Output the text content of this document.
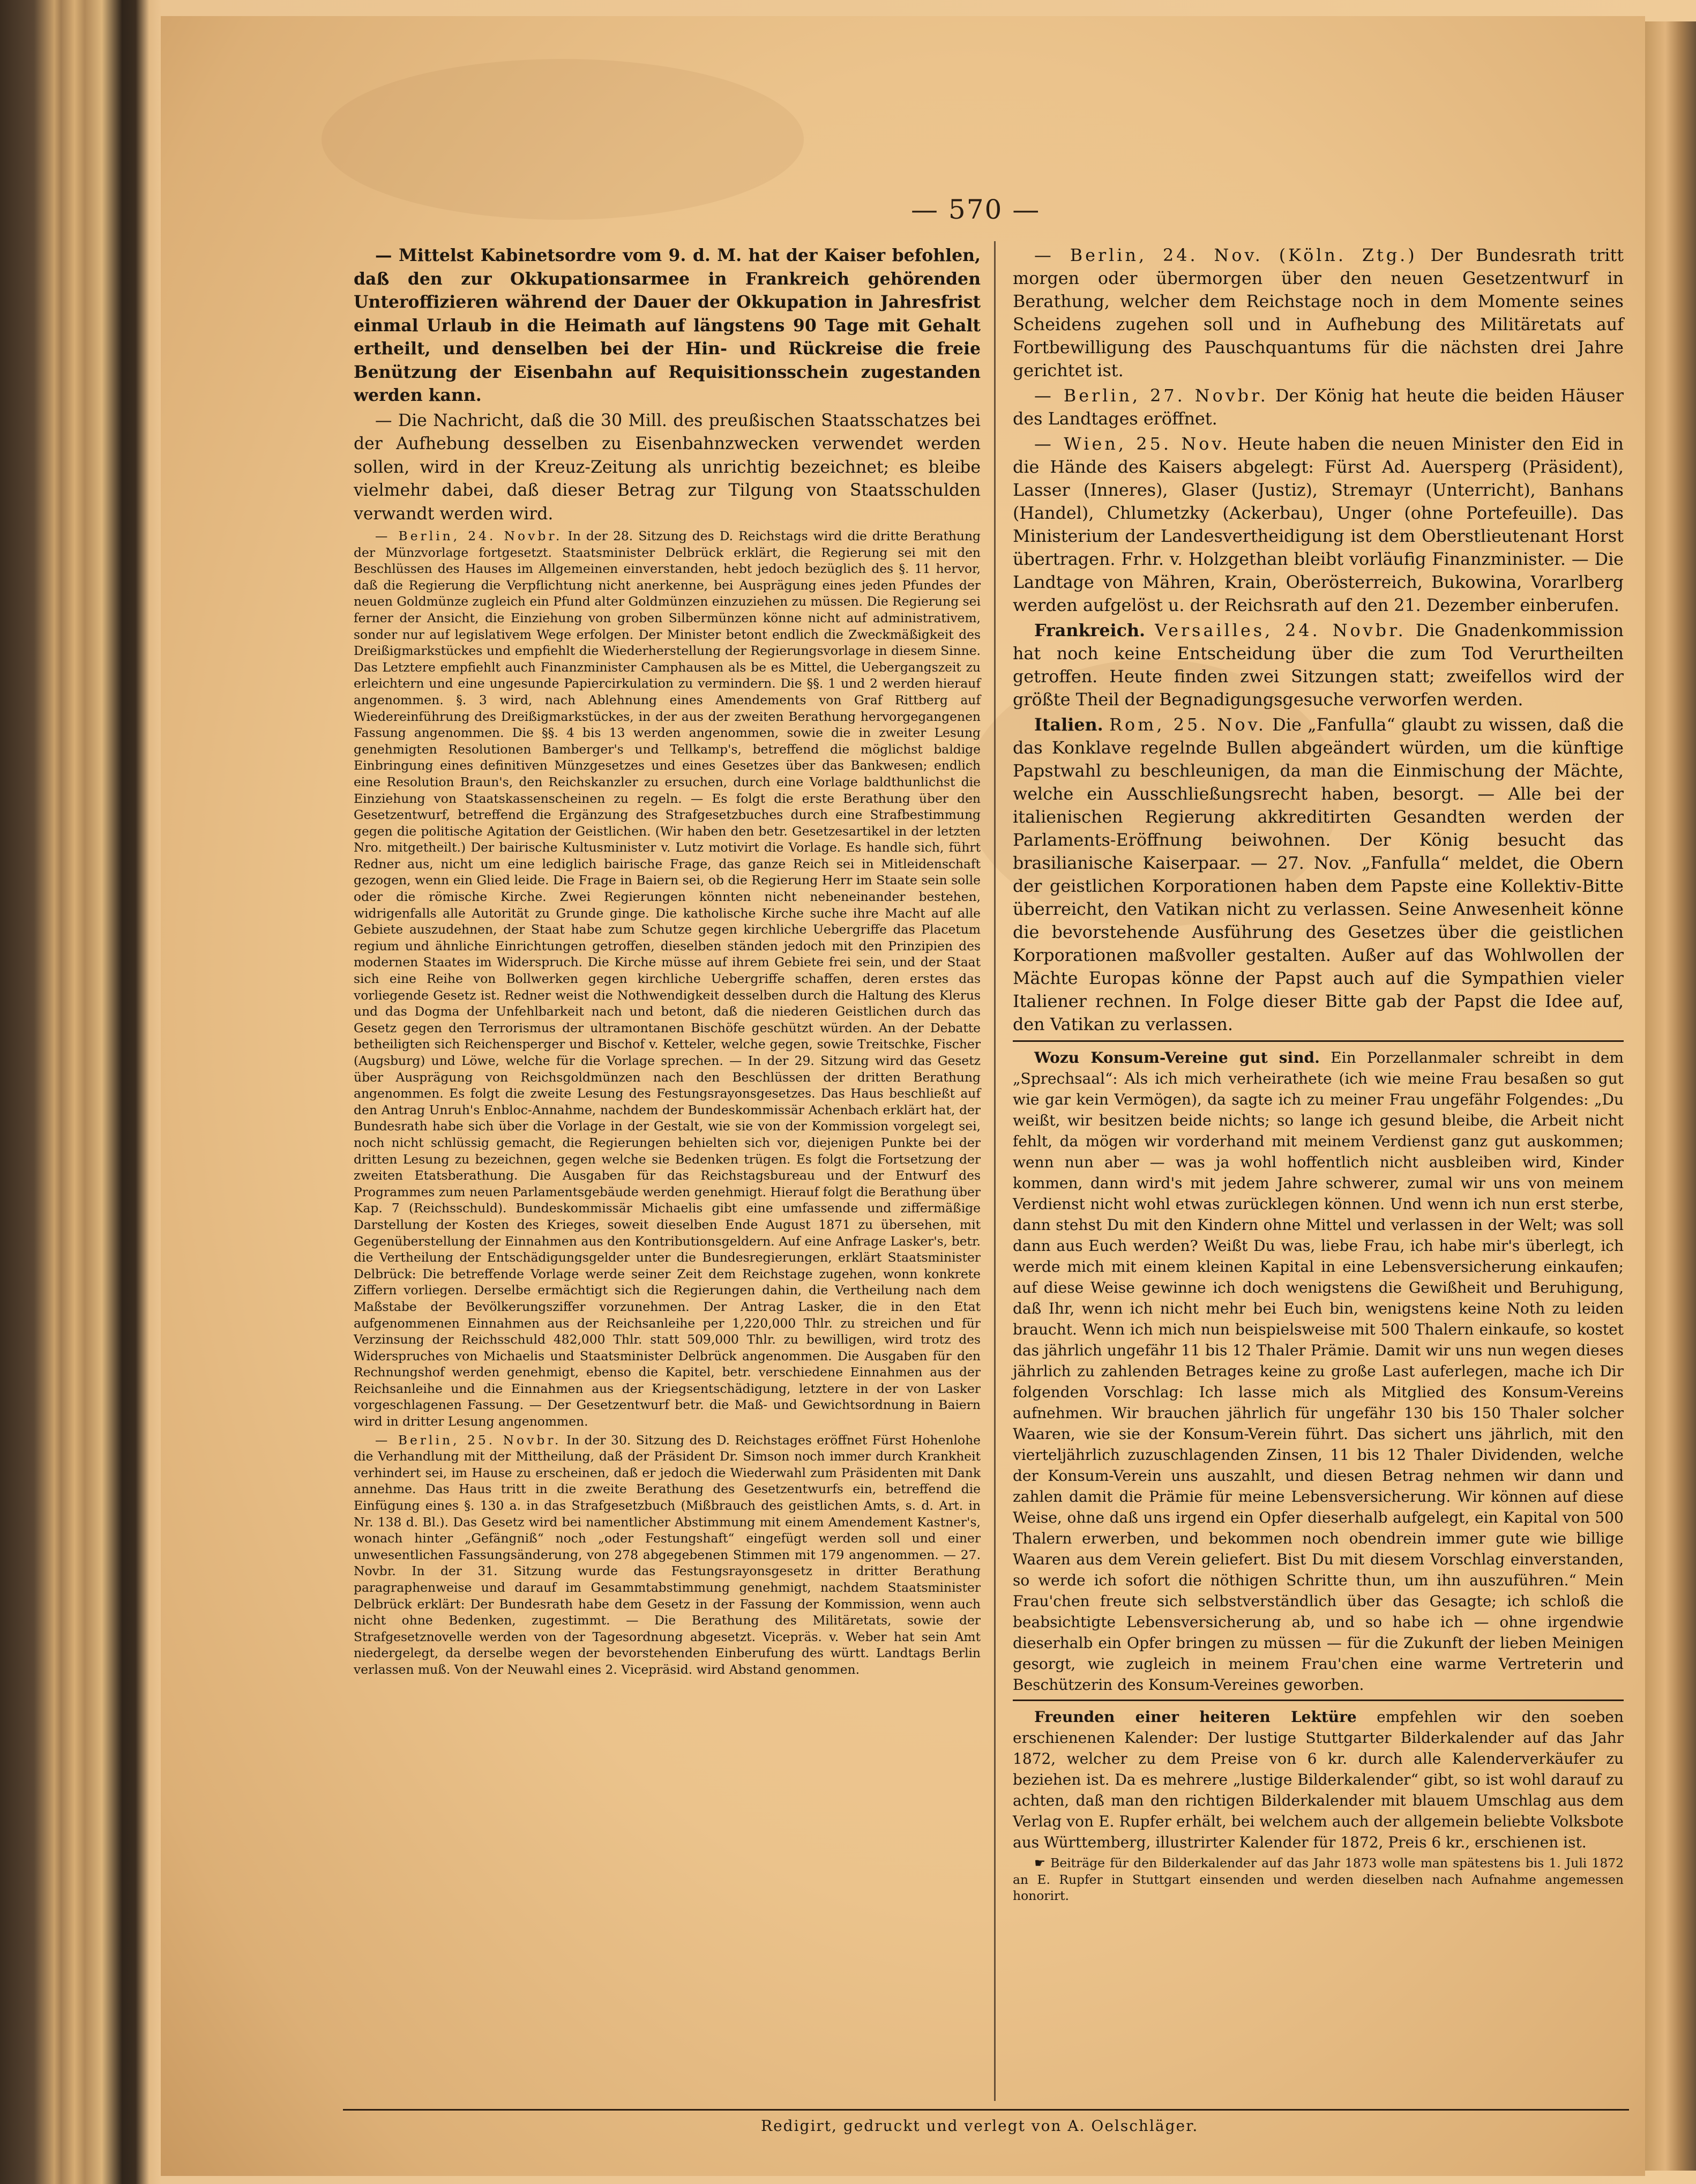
— 570 —

— Mittelst Kabinetsordre vom 9. d. M. hat der Kaiser befohlen, daß den zur Okkupationsarmee in Frankreich gehörenden Unteroffizieren während der Dauer der Okkupation in Jahresfrist einmal Urlaub in die Heimath auf längstens 90 Tage mit Gehalt ertheilt, und denselben bei der Hin- und Rückreise die freie Benützung der Eisenbahn auf Requisitionsschein zugestanden werden kann.

— Die Nachricht, daß die 30 Mill. des preußischen Staatsschatzes bei der Aufhebung desselben zu Eisenbahnzwecken verwendet werden sollen, wird in der Kreuz-Zeitung als unrichtig bezeichnet; es bleibe vielmehr dabei, daß dieser Betrag zur Tilgung von Staatsschulden verwandt werden wird.

— Berlin, 24. Novbr. In der 28. Sitzung des D. Reichstags wird die dritte Berathung der Münzvorlage fortgesetzt. Staatsminister Delbrück erklärt, die Regierung sei mit den Beschlüssen des Hauses im Allgemeinen einverstanden, hebt jedoch bezüglich des §. 11 hervor, daß die Regierung die Verpflichtung nicht anerkenne, bei Ausprägung eines jeden Pfundes der neuen Goldmünze zugleich ein Pfund alter Goldmünzen einzuziehen zu müssen. Die Regierung sei ferner der Ansicht, die Einziehung von groben Silbermünzen könne nicht auf administrativem, sonder nur auf legislativem Wege erfolgen. Der Minister betont endlich die Zweckmäßigkeit des Dreißigmarkstückes und empfiehlt die Wiederherstellung der Regierungsvorlage in diesem Sinne. Das Letztere empfiehlt auch Finanzminister Camphausen als be es Mittel, die Uebergangszeit zu erleichtern und eine ungesunde Papiercirkulation zu vermindern. Die §§. 1 und 2 werden hierauf angenommen. §. 3 wird, nach Ablehnung eines Amendements von Graf Rittberg auf Wiedereinführung des Dreißigmarkstückes, in der aus der zweiten Berathung hervorgegangenen Fassung angenommen. Die §§. 4 bis 13 werden angenommen, sowie die in zweiter Lesung genehmigten Resolutionen Bamberger's und Tellkamp's, betreffend die möglichst baldige Einbringung eines definitiven Münzgesetzes und eines Gesetzes über das Bankwesen; endlich eine Resolution Braun's, den Reichskanzler zu ersuchen, durch eine Vorlage baldthunlichst die Einziehung von Staatskassenscheinen zu regeln. — Es folgt die erste Berathung über den Gesetzentwurf, betreffend die Ergänzung des Strafgesetzbuches durch eine Strafbestimmung gegen die politische Agitation der Geistlichen. (Wir haben den betr. Gesetzesartikel in der letzten Nro. mitgetheilt.) Der bairische Kultusminister v. Lutz motivirt die Vorlage. Es handle sich, führt Redner aus, nicht um eine lediglich bairische Frage, das ganze Reich sei in Mitleidenschaft gezogen, wenn ein Glied leide. Die Frage in Baiern sei, ob die Regierung Herr im Staate sein solle oder die römische Kirche. Zwei Regierungen könnten nicht nebeneinander bestehen, widrigenfalls alle Autorität zu Grunde ginge. Die katholische Kirche suche ihre Macht auf alle Gebiete auszudehnen, der Staat habe zum Schutze gegen kirchliche Uebergriffe das Placetum regium und ähnliche Einrichtungen getroffen, dieselben ständen jedoch mit den Prinzipien des modernen Staates im Widerspruch. Die Kirche müsse auf ihrem Gebiete frei sein, und der Staat sich eine Reihe von Bollwerken gegen kirchliche Uebergriffe schaffen, deren erstes das vorliegende Gesetz ist. Redner weist die Nothwendigkeit desselben durch die Haltung des Klerus und das Dogma der Unfehlbarkeit nach und betont, daß die niederen Geistlichen durch das Gesetz gegen den Terrorismus der ultramontanen Bischöfe geschützt würden. An der Debatte betheiligten sich Reichensperger und Bischof v. Ketteler, welche gegen, sowie Treitschke, Fischer (Augsburg) und Löwe, welche für die Vorlage sprechen. — In der 29. Sitzung wird das Gesetz über Ausprägung von Reichsgoldmünzen nach den Beschlüssen der dritten Berathung angenommen. Es folgt die zweite Lesung des Festungsrayonsgesetzes. Das Haus beschließt auf den Antrag Unruh's Enbloc-Annahme, nachdem der Bundeskommissär Achenbach erklärt hat, der Bundesrath habe sich über die Vorlage in der Gestalt, wie sie von der Kommission vorgelegt sei, noch nicht schlüssig gemacht, die Regierungen behielten sich vor, diejenigen Punkte bei der dritten Lesung zu bezeichnen, gegen welche sie Bedenken trügen. Es folgt die Fortsetzung der zweiten Etatsberathung. Die Ausgaben für das Reichstagsbureau und der Entwurf des Programmes zum neuen Parlamentsgebäude werden genehmigt. Hierauf folgt die Berathung über Kap. 7 (Reichsschuld). Bundeskommissär Michaelis gibt eine umfassende und ziffermäßige Darstellung der Kosten des Krieges, soweit dieselben Ende August 1871 zu übersehen, mit Gegenüberstellung der Einnahmen aus den Kontributionsgeldern. Auf eine Anfrage Lasker's, betr. die Vertheilung der Entschädigungsgelder unter die Bundesregierungen, erklärt Staatsminister Delbrück: Die betreffende Vorlage werde seiner Zeit dem Reichstage zugehen, wonn konkrete Ziffern vorliegen. Derselbe ermächtigt sich die Regierungen dahin, die Vertheilung nach dem Maßstabe der Bevölkerungsziffer vorzunehmen. Der Antrag Lasker, die in den Etat aufgenommenen Einnahmen aus der Reichsanleihe per 1,220,000 Thlr. zu streichen und für Verzinsung der Reichsschuld 482,000 Thlr. statt 509,000 Thlr. zu bewilligen, wird trotz des Widerspruches von Michaelis und Staatsminister Delbrück angenommen. Die Ausgaben für den Rechnungshof werden genehmigt, ebenso die Kapitel, betr. verschiedene Einnahmen aus der Reichsanleihe und die Einnahmen aus der Kriegsentschädigung, letztere in der von Lasker vorgeschlagenen Fassung. — Der Gesetzentwurf betr. die Maß- und Gewichtsordnung in Baiern wird in dritter Lesung angenommen.

— Berlin, 25. Novbr. In der 30. Sitzung des D. Reichstages eröffnet Fürst Hohenlohe die Verhandlung mit der Mittheilung, daß der Präsident Dr. Simson noch immer durch Krankheit verhindert sei, im Hause zu erscheinen, daß er jedoch die Wiederwahl zum Präsidenten mit Dank annehme. Das Haus tritt in die zweite Berathung des Gesetzentwurfs ein, betreffend die Einfügung eines §. 130 a. in das Strafgesetzbuch (Mißbrauch des geistlichen Amts, s. d. Art. in Nr. 138 d. Bl.). Das Gesetz wird bei namentlicher Abstimmung mit einem Amendement Kastner's, wonach hinter „Gefängniß“ noch „oder Festungshaft“ eingefügt werden soll und einer unwesentlichen Fassungsänderung, von 278 abgegebenen Stimmen mit 179 angenommen. — 27. Novbr. In der 31. Sitzung wurde das Festungsrayonsgesetz in dritter Berathung paragraphenweise und darauf im Gesammtabstimmung genehmigt, nachdem Staatsminister Delbrück erklärt: Der Bundesrath habe dem Gesetz in der Fassung der Kommission, wenn auch nicht ohne Bedenken, zugestimmt. — Die Berathung des Militäretats, sowie der Strafgesetznovelle werden von der Tagesordnung abgesetzt. Vicepräs. v. Weber hat sein Amt niedergelegt, da derselbe wegen der bevorstehenden Einberufung des württ. Landtags Berlin verlassen muß. Von der Neuwahl eines 2. Vicepräsid. wird Abstand genommen.

— Berlin, 24. Nov. (Köln. Ztg.) Der Bundesrath tritt morgen oder übermorgen über den neuen Gesetzentwurf in Berathung, welcher dem Reichstage noch in dem Momente seines Scheidens zugehen soll und in Aufhebung des Militäretats auf Fortbewilligung des Pauschquantums für die nächsten drei Jahre gerichtet ist.

— Berlin, 27. Novbr. Der König hat heute die beiden Häuser des Landtages eröffnet.

— Wien, 25. Nov. Heute haben die neuen Minister den Eid in die Hände des Kaisers abgelegt: Fürst Ad. Auersperg (Präsident), Lasser (Inneres), Glaser (Justiz), Stremayr (Unterricht), Banhans (Handel), Chlumetzky (Ackerbau), Unger (ohne Portefeuille). Das Ministerium der Landesvertheidigung ist dem Oberstlieutenant Horst übertragen. Frhr. v. Holzgethan bleibt vorläufig Finanzminister. — Die Landtage von Mähren, Krain, Oberösterreich, Bukowina, Vorarlberg werden aufgelöst u. der Reichsrath auf den 21. Dezember einberufen.

Frankreich. Versailles, 24. Novbr. Die Gnadenkommission hat noch keine Entscheidung über die zum Tod Verurtheilten getroffen. Heute finden zwei Sitzungen statt; zweifellos wird der größte Theil der Begnadigungsgesuche verworfen werden.

Italien. Rom, 25. Nov. Die „Fanfulla“ glaubt zu wissen, daß die das Konklave regelnde Bullen abgeändert würden, um die künftige Papstwahl zu beschleunigen, da man die Einmischung der Mächte, welche ein Ausschließungsrecht haben, besorgt. — Alle bei der italienischen Regierung akkreditirten Gesandten werden der Parlaments-Eröffnung beiwohnen. Der König besucht das brasilianische Kaiserpaar. — 27. Nov. „Fanfulla“ meldet, die Obern der geistlichen Korporationen haben dem Papste eine Kollektiv-Bitte überreicht, den Vatikan nicht zu verlassen. Seine Anwesenheit könne die bevorstehende Ausführung des Gesetzes über die geistlichen Korporationen maßvoller gestalten. Außer auf das Wohlwollen der Mächte Europas könne der Papst auch auf die Sympathien vieler Italiener rechnen. In Folge dieser Bitte gab der Papst die Idee auf, den Vatikan zu verlassen.

Wozu Konsum-Vereine gut sind. Ein Porzellanmaler schreibt in dem „Sprechsaal“: Als ich mich verheirathete (ich wie meine Frau besaßen so gut wie gar kein Vermögen), da sagte ich zu meiner Frau ungefähr Folgendes: „Du weißt, wir besitzen beide nichts; so lange ich gesund bleibe, die Arbeit nicht fehlt, da mögen wir vorderhand mit meinem Verdienst ganz gut auskommen; wenn nun aber — was ja wohl hoffentlich nicht ausbleiben wird, Kinder kommen, dann wird's mit jedem Jahre schwerer, zumal wir uns von meinem Verdienst nicht wohl etwas zurücklegen können. Und wenn ich nun erst sterbe, dann stehst Du mit den Kindern ohne Mittel und verlassen in der Welt; was soll dann aus Euch werden? Weißt Du was, liebe Frau, ich habe mir's überlegt, ich werde mich mit einem kleinen Kapital in eine Lebensversicherung einkaufen; auf diese Weise gewinne ich doch wenigstens die Gewißheit und Beruhigung, daß Ihr, wenn ich nicht mehr bei Euch bin, wenigstens keine Noth zu leiden braucht. Wenn ich mich nun beispielsweise mit 500 Thalern einkaufe, so kostet das jährlich ungefähr 11 bis 12 Thaler Prämie. Damit wir uns nun wegen dieses jährlich zu zahlenden Betrages keine zu große Last auferlegen, mache ich Dir folgenden Vorschlag: Ich lasse mich als Mitglied des Konsum-Vereins aufnehmen. Wir brauchen jährlich für ungefähr 130 bis 150 Thaler solcher Waaren, wie sie der Konsum-Verein führt. Das sichert uns jährlich, mit den vierteljährlich zuzuschlagenden Zinsen, 11 bis 12 Thaler Dividenden, welche der Konsum-Verein uns auszahlt, und diesen Betrag nehmen wir dann und zahlen damit die Prämie für meine Lebensversicherung. Wir können auf diese Weise, ohne daß uns irgend ein Opfer dieserhalb aufgelegt, ein Kapital von 500 Thalern erwerben, und bekommen noch obendrein immer gute wie billige Waaren aus dem Verein geliefert. Bist Du mit diesem Vorschlag einverstanden, so werde ich sofort die nöthigen Schritte thun, um ihn auszuführen.“ Mein Frau'chen freute sich selbstverständlich über das Gesagte; ich schloß die beabsichtigte Lebensversicherung ab, und so habe ich — ohne irgendwie dieserhalb ein Opfer bringen zu müssen — für die Zukunft der lieben Meinigen gesorgt, wie zugleich in meinem Frau'chen eine warme Vertreterin und Beschützerin des Konsum-Vereines geworben.

Freunden einer heiteren Lektüre empfehlen wir den soeben erschienenen Kalender: Der lustige Stuttgarter Bilderkalender auf das Jahr 1872, welcher zu dem Preise von 6 kr. durch alle Kalenderverkäufer zu beziehen ist. Da es mehrere „lustige Bilderkalender“ gibt, so ist wohl darauf zu achten, daß man den richtigen Bilderkalender mit blauem Umschlag aus dem Verlag von E. Rupfer erhält, bei welchem auch der allgemein beliebte Volksbote aus Württemberg, illustrirter Kalender für 1872, Preis 6 kr., erschienen ist.

☛ Beiträge für den Bilderkalender auf das Jahr 1873 wolle man spätestens bis 1. Juli 1872 an E. Rupfer in Stuttgart einsenden und werden dieselben nach Aufnahme angemessen honorirt.

Redigirt, gedruckt und verlegt von A. Oelschläger.
